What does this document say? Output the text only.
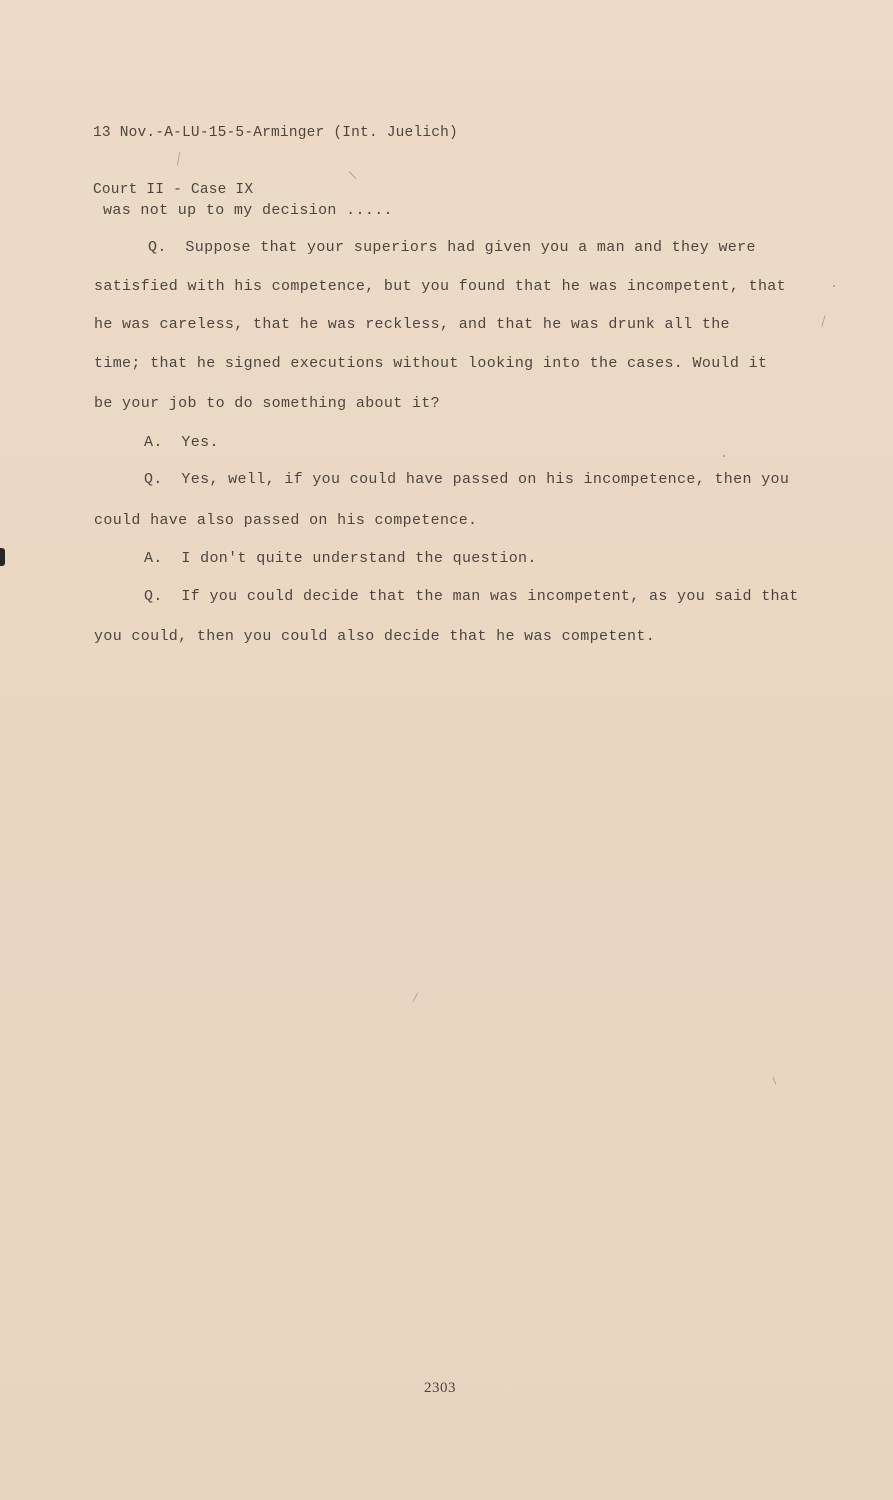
13 Nov.-A-LU-15-5-Arminger (Int. Juelich)

Court II - Case IX

was not up to my decision .....
Q.  Suppose that your superiors had given you a man and they were
satisfied with his competence, but you found that he was incompetent, that
he was careless, that he was reckless, and that he was drunk all the
time; that he signed executions without looking into the cases. Would it
be your job to do something about it?
A.  Yes.
Q.  Yes, well, if you could have passed on his incompetence, then you
could have also passed on his competence.
A.  I don't quite understand the question.
Q.  If you could decide that the man was incompetent, as you said that
you could, then you could also decide that he was competent.
2303
